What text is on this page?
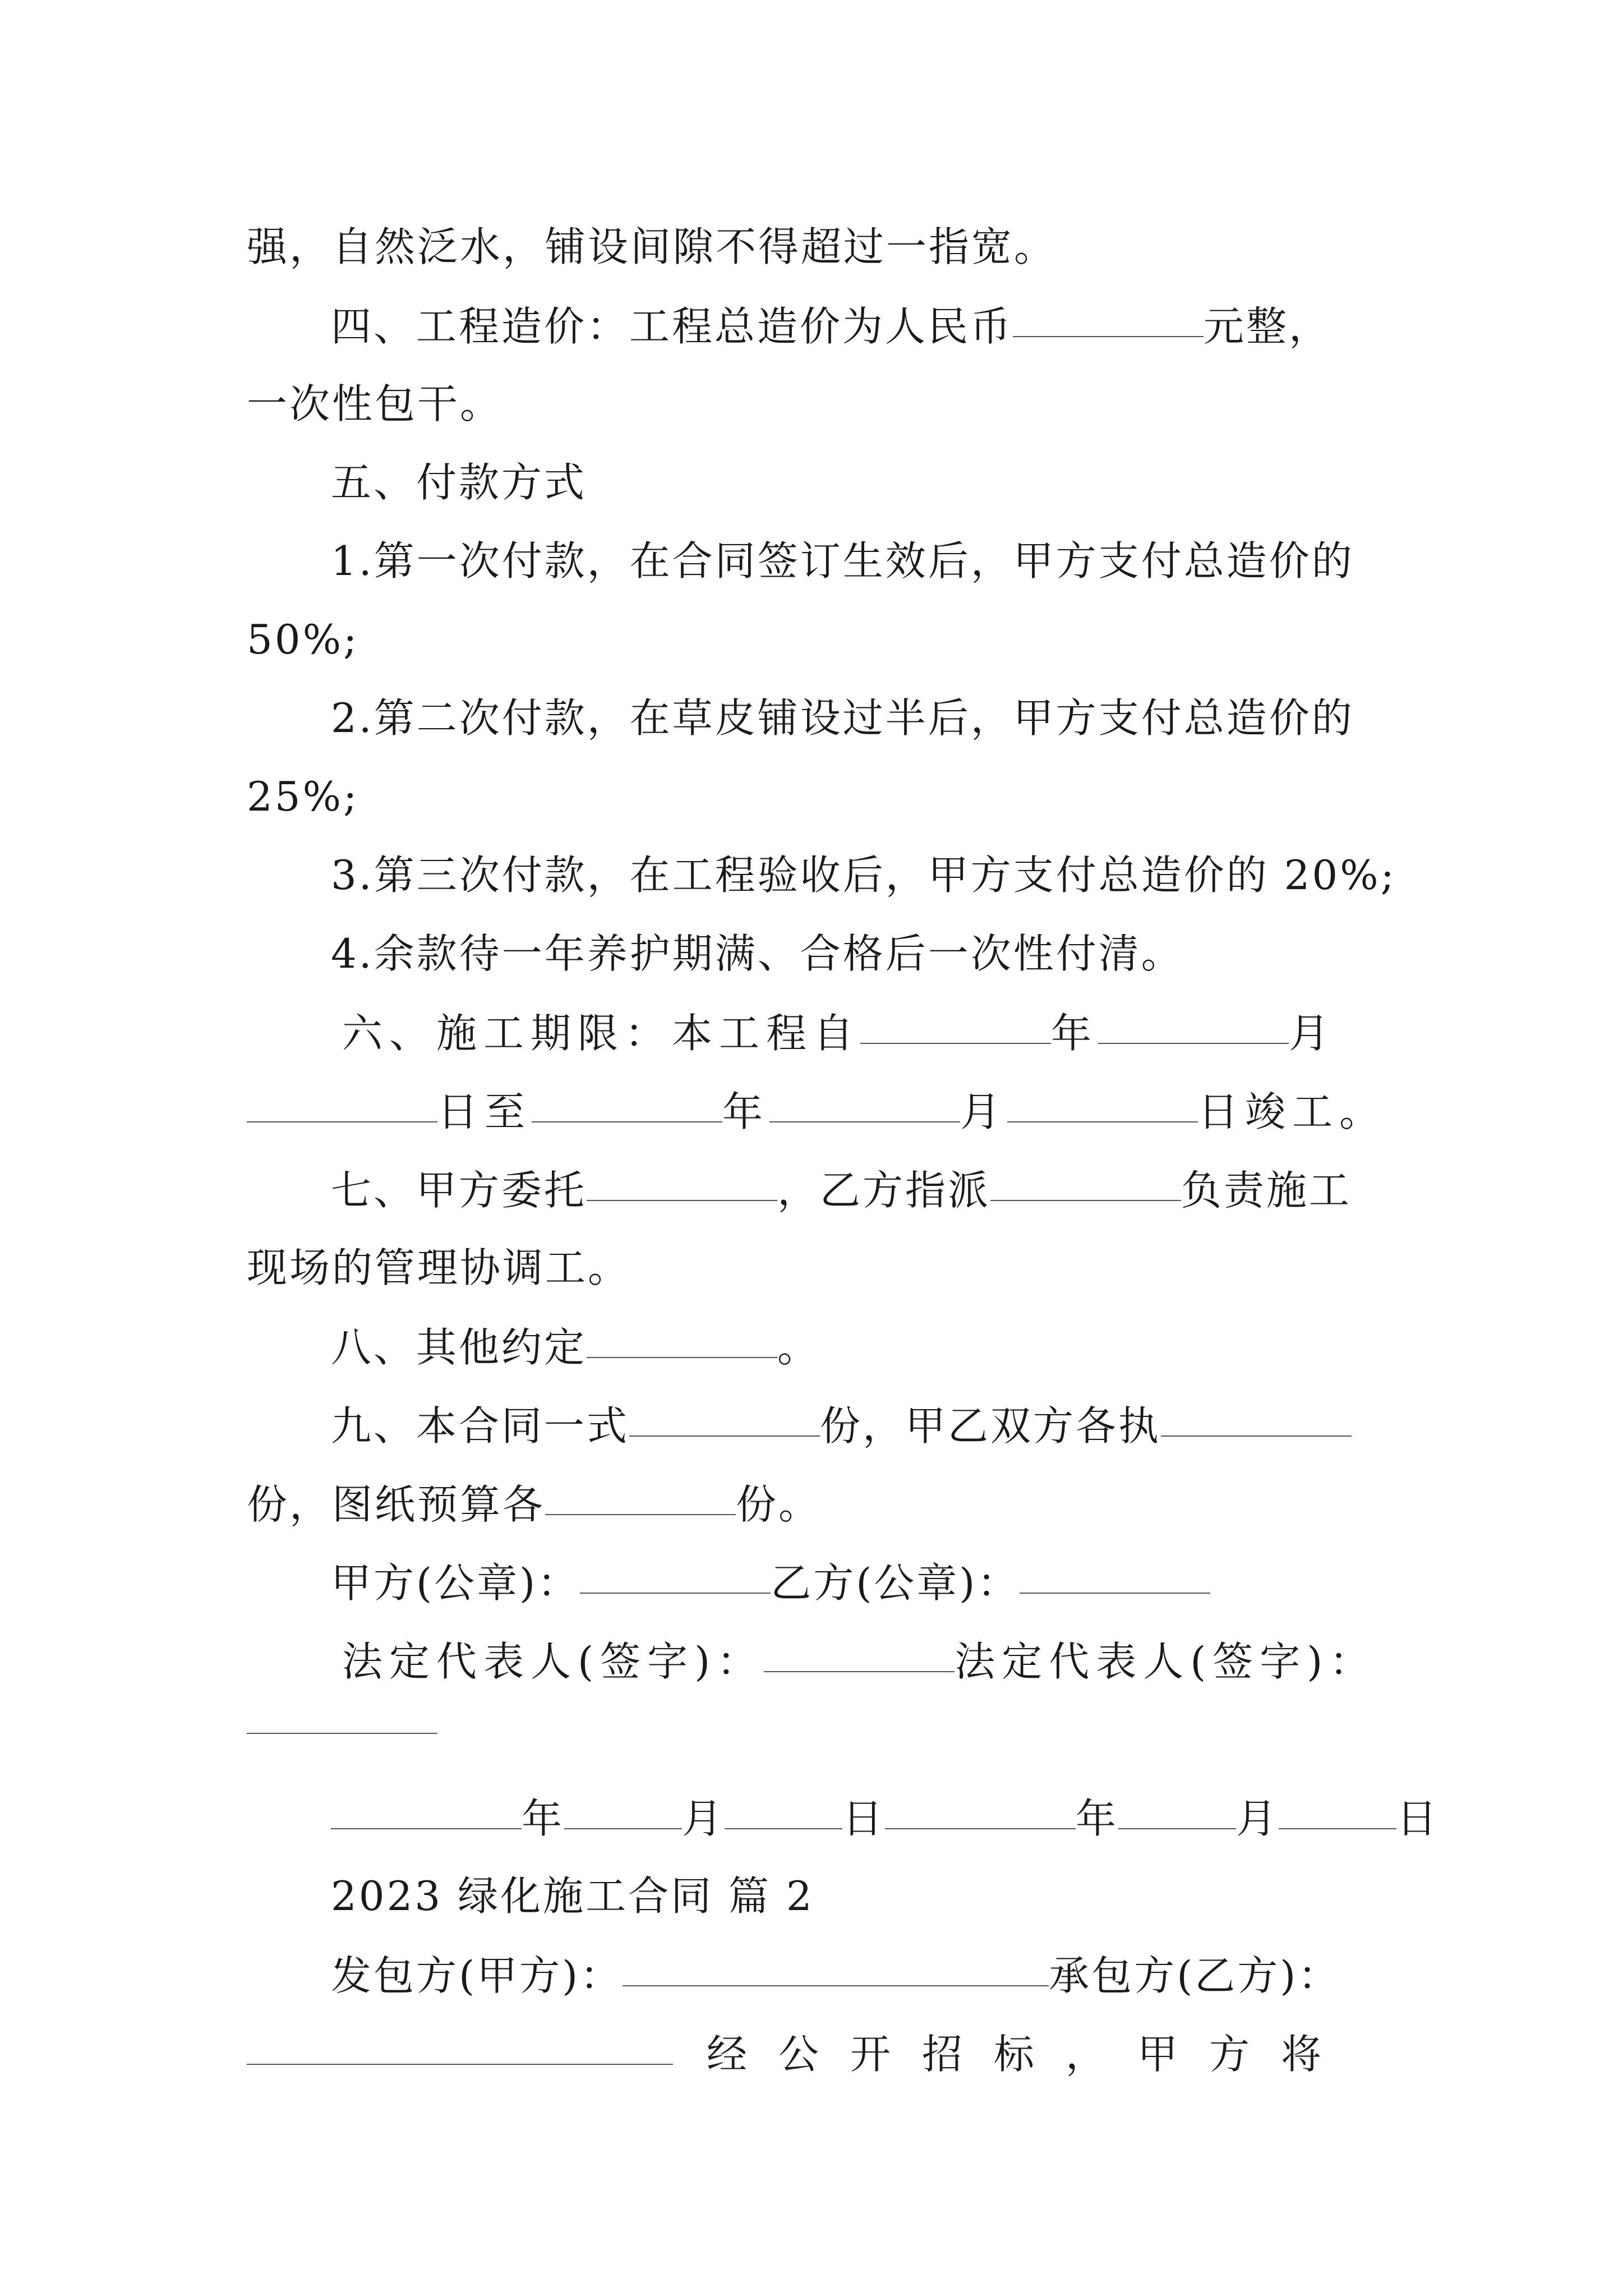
强，自然泛水，铺设间隙不得超过一指宽。
四、工程造价：工程总造价为人民币	元整，
一次性包干。
五、付款方式
1.第一次付款，在合同签订生效后，甲方支付总造价的
50%;
2.第二次付款，在草皮铺设过半后，甲方支付总造价的
25%;
3.第三次付款，在工程验收后，甲方支付总造价的 20%;
4.余款待一年养护期满、合格后一次性付清。
六、施工期限：本工程自	年	月
日至	年	月	日竣工。
七、甲方委托	，乙方指派	负责施工
现场的管理协调工。
八、其他约定	。
九、本合同一式	份，甲乙双方各执
份，图纸预算各	份。
甲方(公章)：	乙方(公章)：
法定代表人(签字)：	法定代表人(签字)：
年	月	日	年	月	日
2023 绿化施工合同 篇 2
发包方(甲方)：	承包方(乙方)：
经公开招标，甲方将
